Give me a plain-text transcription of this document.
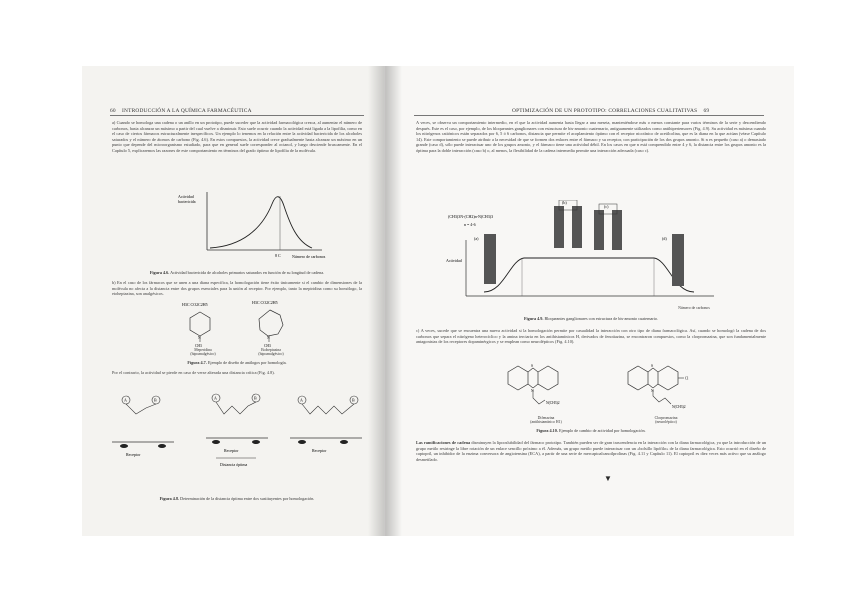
60 INTRODUCCIÓN A LA QUÍMICA FARMACÉUTICA
a) Cuando se homologa una cadena o un anillo en un prototipo, puede suceder que la actividad farmacológica crezca, al aumentar el número de carbonos, hasta alcanzar un máximo a partir del cual vuelve a disminuir. Esto suele ocurrir cuando la actividad está ligada a la lipofilia, como en el caso de ciertos fármacos estructuralmente inespecíficos. Un ejemplo lo tenemos en la relación entre la actividad bactericida de los alcoholes saturados y el número de átomos de carbono (Fig. 4.6). En estos compuestos, la actividad crece gradualmente hasta alcanzar un máximo en un punto que depende del microorganismo estudiado, para que en general suele corresponder al octanol, y luego desciende bruscamente. En el Capítulo 5, explicaremos las razones de este comportamiento en términos del grado óptimo de lipofilia de la molécula.
Actividad
bactericida
8 C	Número de carbonos
Figura 4.6. Actividad bactericida de alcoholes primarios saturados en función de su longitud de cadena.
b) En el caso de los fármacos que se unen a una diana específica, la homologación tiene éxito únicamente si el cambio de dimensiones de la molécula no afecta a la distancia entre dos grupos esenciales para la unión al receptor. Por ejemplo, tanto la mepiridina como su homólogo, la etoheptazina, son analgésicos.
H3C CO2C2H5
N
CH3
H3C CO2C2H5
N
CH3
Meperidina
(hipoanalgésico)
Etoheptazina
(hipoanalgésico)
Figura 4.7. Ejemplo de diseño de análogos por homología.
Por el contrario, la actividad se pierde en caso de verse alterada una distancia crítica (Fig. 4.8).
A	B
Receptor
A	B
Receptor
Distancia óptima
A	B
Receptor
Figura 4.8. Determinación de la distancia óptima entre dos sustituyentes por homologación.
OPTIMIZACIÓN DE UN PROTOTIPO: CORRELACIONES CUALITATIVAS 69
A veces, se observa un comportamiento intermedio, en el que la actividad aumenta hasta llegar a una meseta, manteniéndose más o menos constante para varios términos de la serie y descendiendo después. Este es el caso, por ejemplo, de los bloqueantes ganglionares con estructura de bis-amonio cuaternario, antiguamente utilizados como antihipertensores (Fig. 4.9). Su actividad es máxima cuando los nitrógenos catiónicos están separados por 6, 5 ó 6 carbonos, distancia que permite el acoplamiento óptimo con el receptor nicotínico de acetilcolina, que es la diana en la que actúan (véase Capítulo 14). Este comportamiento se puede atribuir a la necesidad de que se formen dos enlaces entre el fármaco y su receptor, con participación de los dos grupos amonio. Si n es pequeño (caso a) o demasiado grande (caso d), sólo puede interactuar uno de los grupos amonio, y el fármaco tiene una actividad débil. En los casos en que n está comprendido entre 4 y 6, la distancia entre los grupos amonio es la óptima para la doble interacción (caso b) o, al menos, la flexibilidad de la cadena intermedia permite una interacción adecuada (caso c).
(CH3)3N-(CH2)n-N(CH3)3
n = 4-6
Actividad
(a)
(b)
(c)
(d)
Número de carbonos
Figura 4.9. Bloqueantes ganglionares con estructura de bis-amonio cuaternario.
c) A veces, sucede que se encuentra una nueva actividad si la homologación permite por casualidad la interacción con otro tipo de diana farmacológica. Así, cuando se homologó la cadena de dos carbonos que separa el nitrógeno heterocíclico y la amina terciaria en los antihistamínicos H, derivados de fenotiazina, se encontraron compuestos, como la clorpromazina, que son fundamentalmente antagonistas de los receptores dopaminérgicos y se emplean como neurolépticos (Fig. 4.10).
S
N
N(CH3)2
S
N
Cl
N(CH3)2
Difenazina
(antihistamínico H1)
Clorpromazina
(neuroléptico)
Figura 4.10. Ejemplo de cambio de actividad por homologación.
Las ramificaciones de cadena disminuyen la lipooslubilidad del fármaco prototipo. También pueden ser de gran trascendencia en la interacción con la diana farmacológica, ya que la introducción de un grupo metilo restringe la libre rotación de un enlace sencillo próximo a él. Además, un grupo metilo puede interactuar con un «bolsillo lipófilo» de la diana farmacológica. Esto ocurrió en el diseño de captopril, un inhibidor de la enzima conversora de angiotensina (ECA), a partir de una serie de mercaptoalcanoilprolinas (Fig. 4.11 y Capítulo 11). El captopril es diez veces más activo que su análogo desmetilado.
▼
